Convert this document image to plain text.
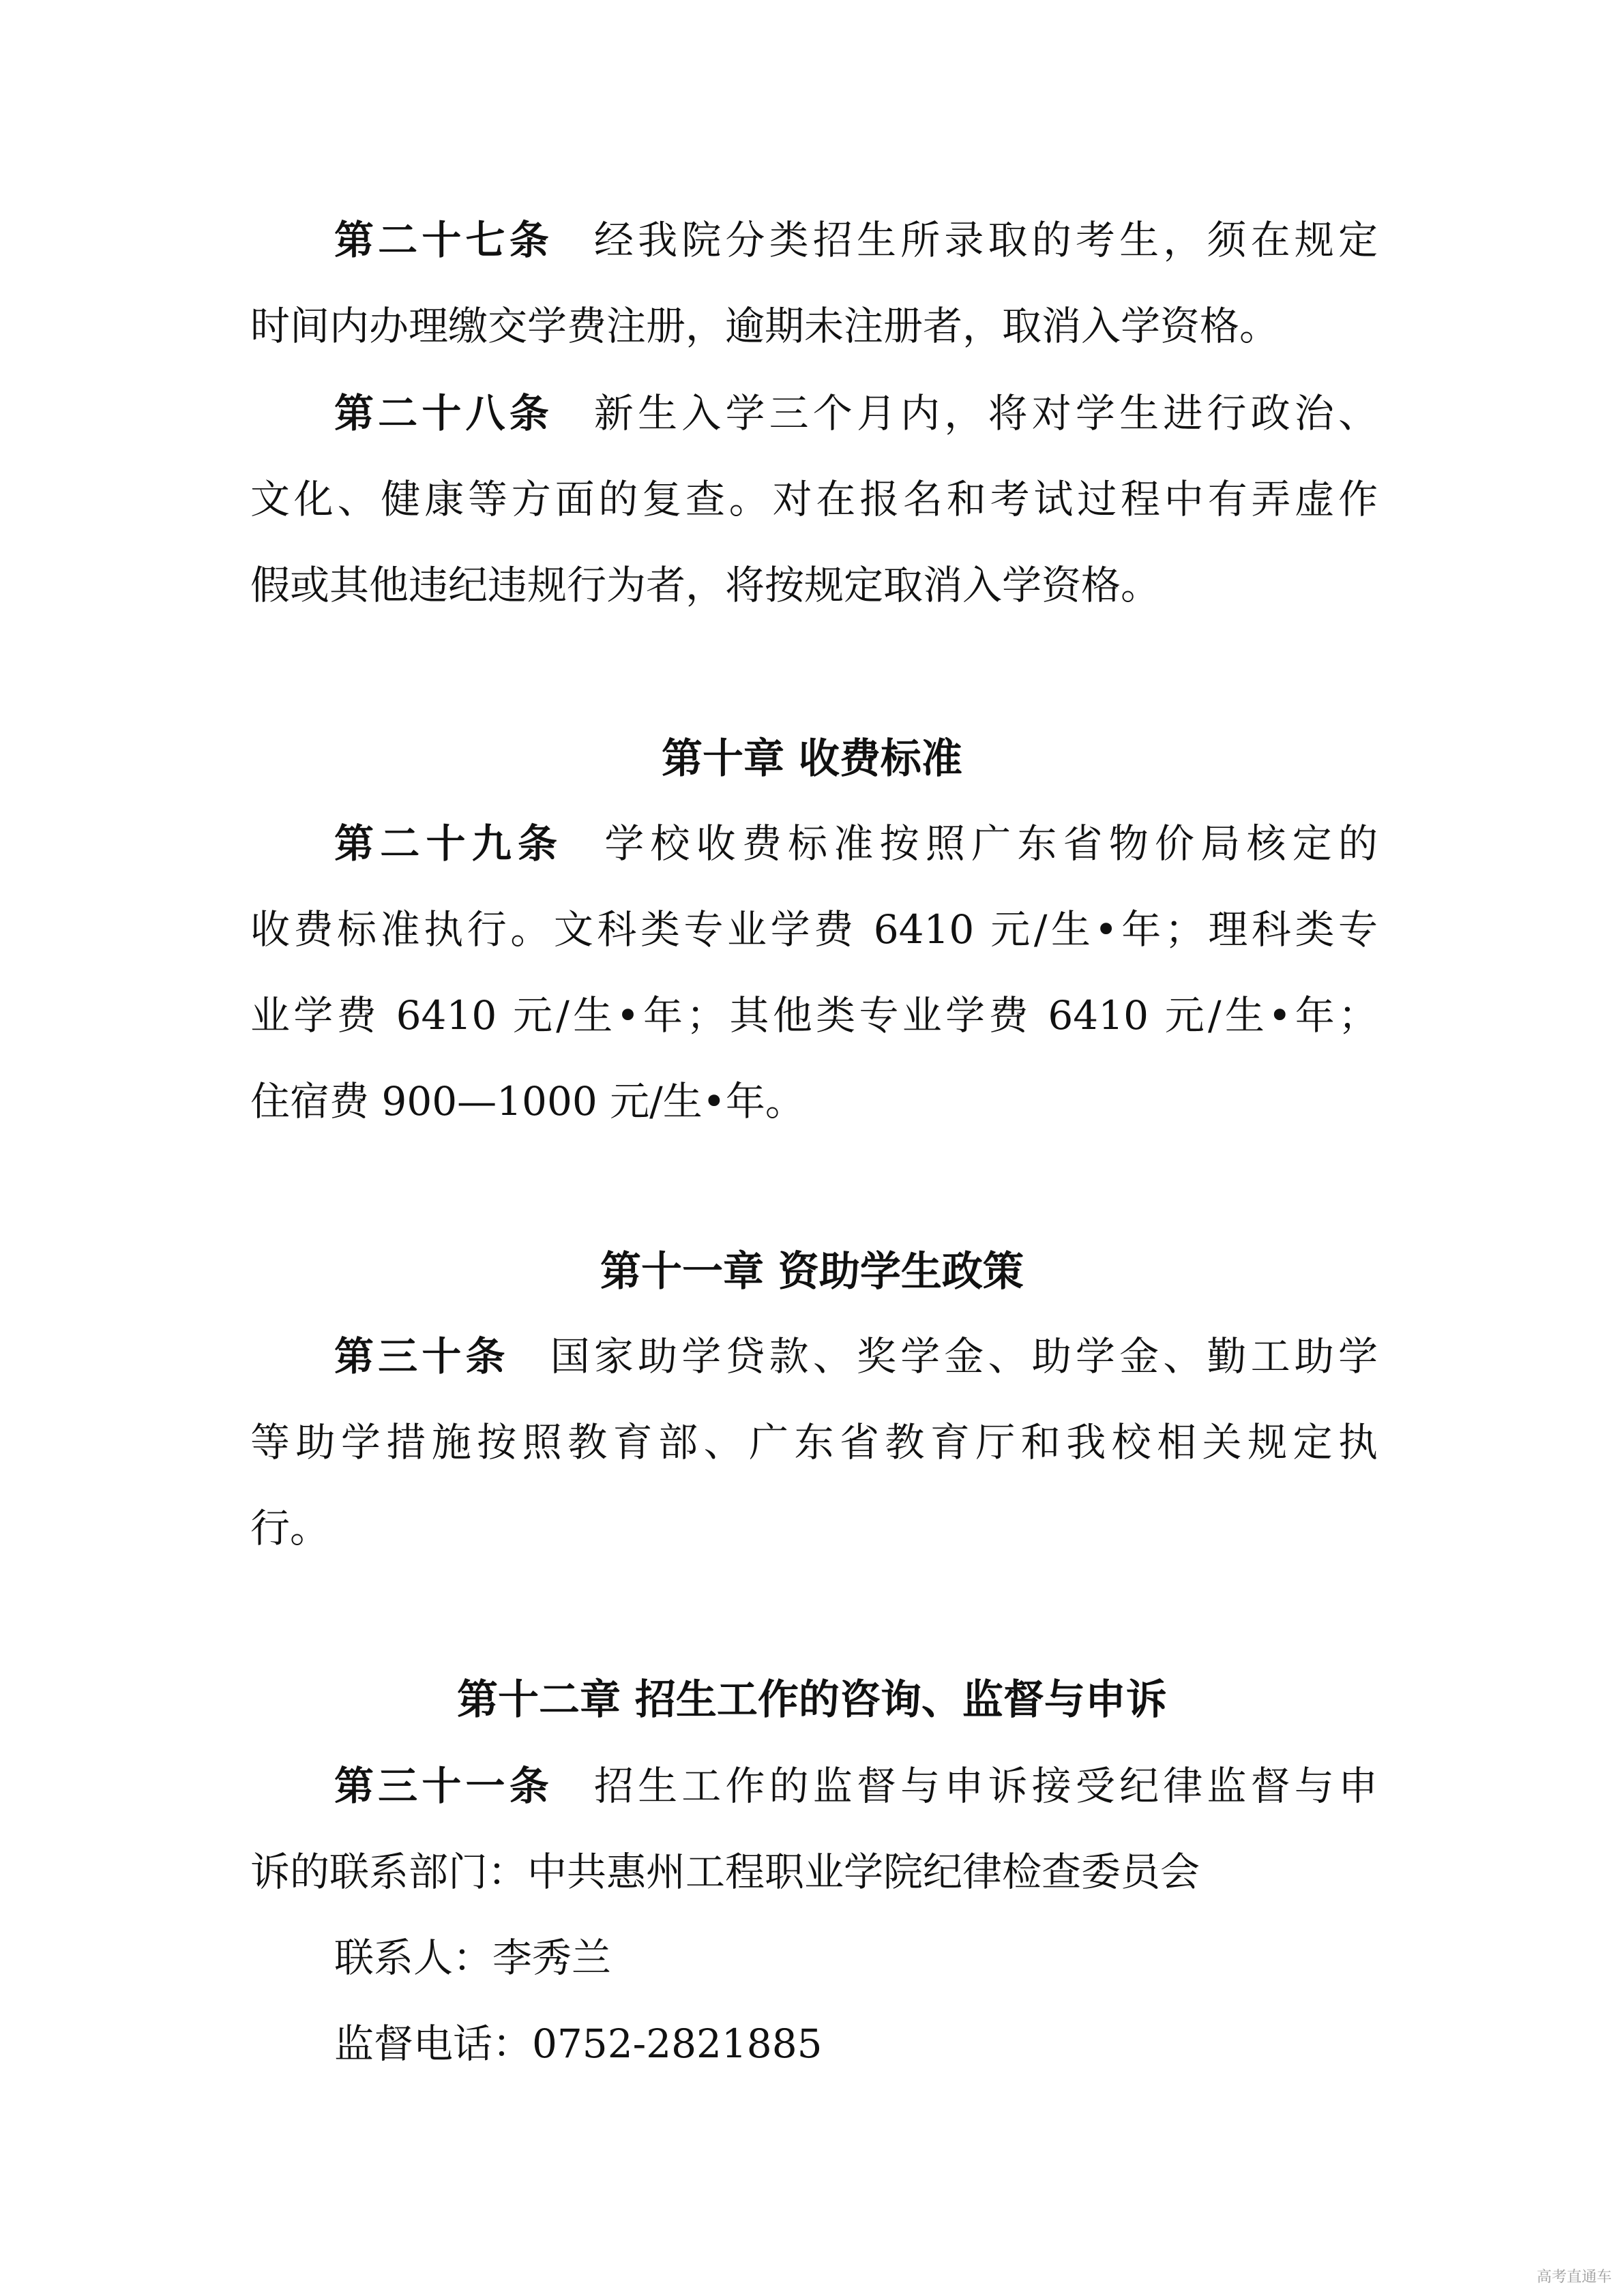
第二十七条 经我院分类招生所录取的考生，须在规定
时间内办理缴交学费注册，逾期未注册者，取消入学资格。
第二十八条 新生入学三个月内，将对学生进行政治、
文化、健康等方面的复查。对在报名和考试过程中有弄虚作
假或其他违纪违规行为者，将按规定取消入学资格。
第十章 收费标准
第二十九条 学校收费标准按照广东省物价局核定的
收费标准执行。文科类专业学费 6410 元/生•年；理科类专
业学费 6410 元/生•年；其他类专业学费 6410 元/生•年；
住宿费 900—1000 元/生•年。
第十一章 资助学生政策
第三十条 国家助学贷款、奖学金、助学金、勤工助学
等助学措施按照教育部、广东省教育厅和我校相关规定执
行。
第十二章 招生工作的咨询、监督与申诉
第三十一条 招生工作的监督与申诉接受纪律监督与申
诉的联系部门：中共惠州工程职业学院纪律检查委员会
联系人：李秀兰
监督电话：0752-2821885
高考直通车
